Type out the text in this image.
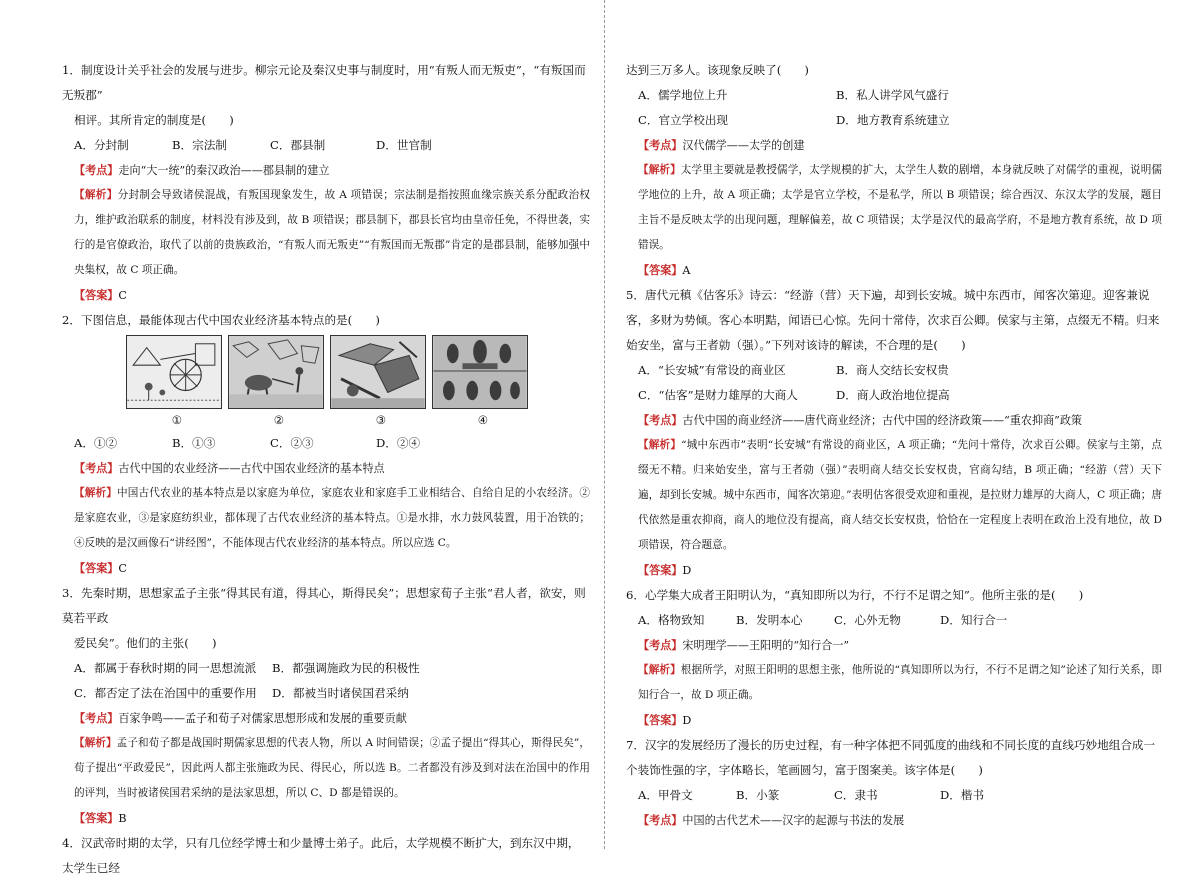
1．制度设计关乎社会的发展与进步。柳宗元论及秦汉史事与制度时，用“有叛人而无叛吏”，“有叛国而无叛郡”
相评。其所肯定的制度是(　　)
A．分封制	B．宗法制	C．郡县制	D．世官制
【考点】走向“大一统”的秦汉政治——郡县制的建立
【解析】分封制会导致诸侯混战，有叛国现象发生，故 A 项错误；宗法制是指按照血缘宗族关系分配政治权力，维护政治联系的制度，材料没有涉及到，故 B 项错误；郡县制下，郡县长官均由皇帝任免，不得世袭，实行的是官僚政治，取代了以前的贵族政治，“有叛人而无叛吏”“有叛国而无叛郡”肯定的是郡县制，能够加强中央集权，故 C 项正确。
【答案】C
2．下图信息，最能体现古代中国农业经济基本特点的是(　　)
①	②	③	④
A．①②	B．①③	C．②③	D．②④
【考点】古代中国的农业经济——古代中国农业经济的基本特点
【解析】中国古代农业的基本特点是以家庭为单位，家庭农业和家庭手工业相结合、自给自足的小农经济。②是家庭农业，③是家庭纺织业，都体现了古代农业经济的基本特点。①是水排，水力鼓风装置，用于冶铁的；④反映的是汉画像石“讲经图”，不能体现古代农业经济的基本特点。所以应选 C。
【答案】C
3．先秦时期，思想家孟子主张“得其民有道，得其心，斯得民矣”；思想家荀子主张“君人者，欲安，则莫若平政
爱民矣”。他们的主张(　　)
A．都属于春秋时期的同一思想流派	B．都强调施政为民的积极性
C．都否定了法在治国中的重要作用	D．都被当时诸侯国君采纳
【考点】百家争鸣——孟子和荀子对儒家思想形成和发展的重要贡献
【解析】孟子和荀子都是战国时期儒家思想的代表人物，所以 A 时间错误；②孟子提出“得其心，斯得民矣”，荀子提出“平政爱民”，因此两人都主张施政为民、得民心，所以选 B。二者都没有涉及到对法在治国中的作用的评判，当时被诸侯国君采纳的是法家思想，所以 C、D 都是错误的。
【答案】B
4．汉武帝时期的太学，只有几位经学博士和少量博士弟子。此后，太学规模不断扩大，到东汉中期，太学生已经
达到三万多人。该现象反映了(　　)
A．儒学地位上升	B．私人讲学风气盛行
C．官立学校出现	D．地方教育系统建立
【考点】汉代儒学——太学的创建
【解析】太学里主要就是教授儒学，太学规模的扩大，太学生人数的剧增，本身就反映了对儒学的重视，说明儒学地位的上升，故 A 项正确；太学是官立学校，不是私学，所以 B 项错误；综合西汉、东汉太学的发展，题目主旨不是反映太学的出现问题，理解偏差，故 C 项错误；太学是汉代的最高学府，不是地方教育系统，故 D 项错误。
【答案】A
5．唐代元稹《估客乐》诗云：“经游（营）天下遍，却到长安城。城中东西市，闻客次第迎。迎客兼说客，多财为势倾。客心本明黠，闻语已心惊。先问十常侍，次求百公卿。侯家与主第，点缀无不精。归来始安坐，富与王者勍（强）。”下列对该诗的解读，不合理的是(　　)
A．“长安城”有常设的商业区	B．商人交结长安权贵
C．“估客”是财力雄厚的大商人	D．商人政治地位提高
【考点】古代中国的商业经济——唐代商业经济；古代中国的经济政策——“重农抑商”政策
【解析】“城中东西市”表明“长安城”有常设的商业区，A 项正确；“先问十常侍，次求百公卿。侯家与主第，点缀无不精。归来始安坐，富与王者勍（强）”表明商人结交长安权贵，官商勾结，B 项正确；“经游（营）天下遍，却到长安城。城中东西市，闻客次第迎。”表明估客很受欢迎和重视，是拉财力雄厚的大商人，C 项正确；唐代依然是重农抑商，商人的地位没有提高，商人结交长安权贵，恰恰在一定程度上表明在政治上没有地位，故 D 项错误，符合题意。
【答案】D
6．心学集大成者王阳明认为，“真知即所以为行，不行不足谓之知”。他所主张的是(　　)
A．格物致知	B．发明本心	C．心外无物	D．知行合一
【考点】宋明理学——王阳明的“知行合一”
【解析】根据所学，对照王阳明的思想主张，他所说的“真知即所以为行，不行不足谓之知”论述了知行关系，即知行合一，故 D 项正确。
【答案】D
7．汉字的发展经历了漫长的历史过程，有一种字体把不同弧度的曲线和不同长度的直线巧妙地组合成一个装饰性强的字，字体略长，笔画圆匀，富于图案美。该字体是(　　)
A．甲骨文	B．小篆	C．隶书	D．楷书
【考点】中国的古代艺术——汉字的起源与书法的发展
